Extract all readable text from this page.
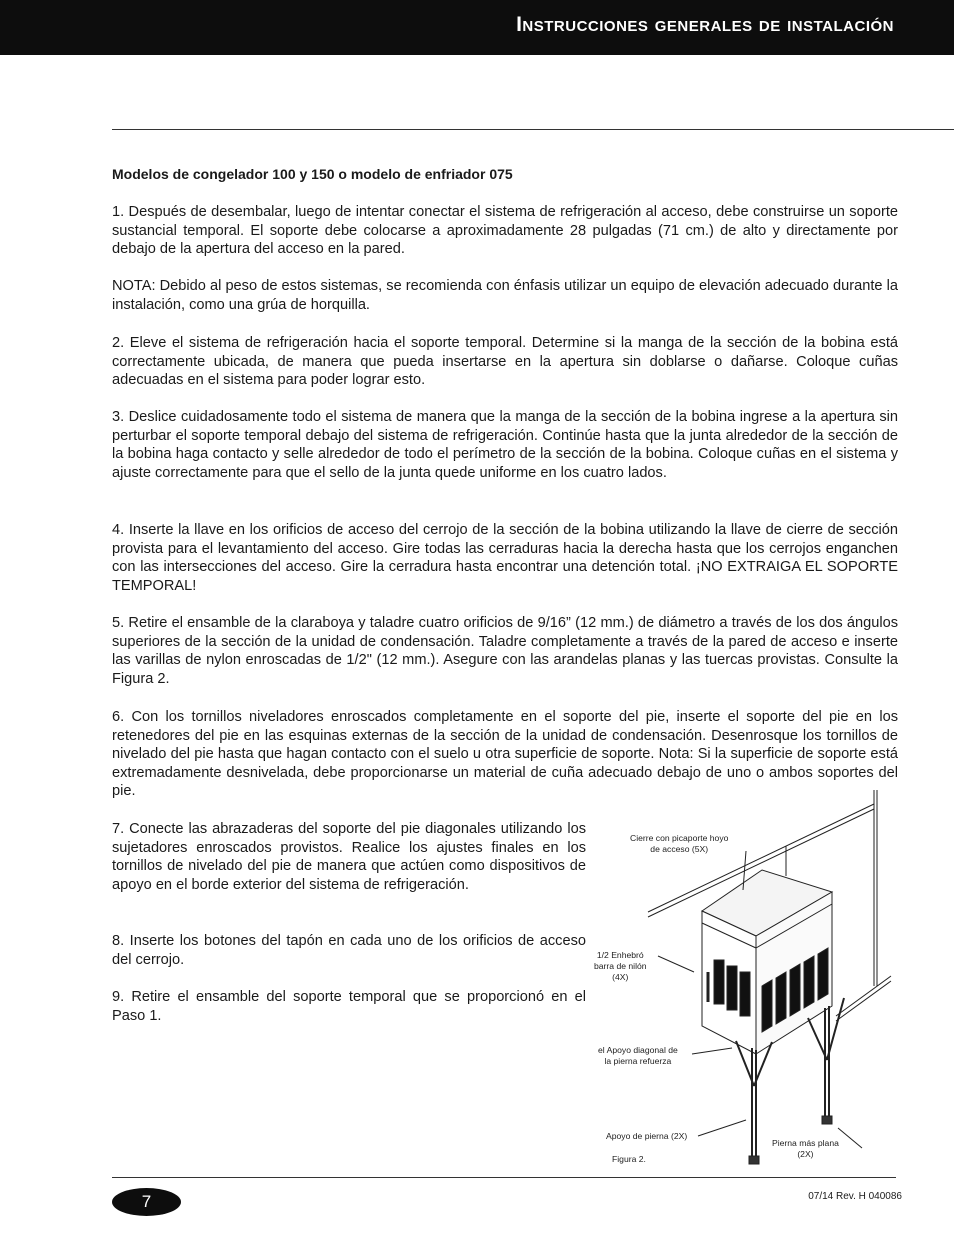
Instrucciones generales de instalación
Modelos de congelador 100 y 150 o modelo de enfriador 075

1. Después de desembalar, luego de intentar conectar el sistema de refrigeración al acceso, debe construirse un soporte sustancial temporal. El soporte debe colocarse a aproximadamente 28 pulgadas (71 cm.) de alto y directamente por debajo de la apertura del acceso en la pared.

NOTA: Debido al peso de estos sistemas, se recomienda con énfasis utilizar un equipo de elevación adecuado durante la instalación, como una grúa de horquilla.

2. Eleve el sistema de refrigeración hacia el soporte temporal. Determine si la manga de la sección de la bobina está correctamente ubicada, de manera que pueda insertarse en la apertura sin doblarse o dañarse. Coloque cuñas adecuadas en el sistema para poder lograr esto.

3. Deslice cuidadosamente todo el sistema de manera que la manga de la sección de la bobina ingrese a la apertura sin perturbar el soporte temporal debajo del sistema de refrigeración. Continúe hasta que la junta alrededor de la sección de la bobina haga contacto y selle alrededor de todo el perímetro de la sección de la bobina. Coloque cuñas en el sistema y ajuste correctamente para que el sello de la junta quede uniforme en los cuatro lados.

4. Inserte la llave en los orificios de acceso del cerrojo de la sección de la bobina utilizando la llave de cierre de sección provista para el levantamiento del acceso. Gire todas las cerraduras hacia la derecha hasta que los cerrojos enganchen con las intersecciones del acceso. Gire la cerradura hasta encontrar una detención total. ¡NO EXTRAIGA EL SOPORTE TEMPORAL!

5. Retire el ensamble de la claraboya y taladre cuatro orificios de 9/16” (12 mm.) de diámetro a través de los dos ángulos superiores de la sección de la unidad de condensación. Taladre completamente a través de la pared de acceso e inserte las varillas de nylon enroscadas de 1/2" (12 mm.). Asegure con las arandelas planas y las tuercas provistas. Consulte la Figura 2.

6. Con los tornillos niveladores enroscados completamente en el soporte del pie, inserte el soporte del pie en los retenedores del pie en las esquinas externas de la sección de la unidad de condensación. Desenrosque los tornillos de nivelado del pie hasta que hagan contacto con el suelo u otra superficie de soporte. Nota: Si la superficie de soporte está extremadamente desnivelada, debe proporcionarse un material de cuña adecuado debajo de uno o ambos soportes del pie.

7. Conecte las abrazaderas del soporte del pie diagonales utilizando los sujetadores enroscados provistos. Realice los ajustes finales en los tornillos de nivelado del pie de manera que actúen como dispositivos de apoyo en el borde exterior del sistema de refrigeración.

8. Inserte los botones del tapón en cada uno de los orificios de acceso del cerrojo.

9. Retire el ensamble del soporte temporal que se proporcionó en el Paso 1.

Cierre con picaporte hoyo
de acceso (5X)
1/2 Enhebró
barra de nilón
(4X)
el Apoyo diagonal de
la pierna refuerza
Apoyo de pierna (2X)
Pierna más plana
(2X)
Figura 2.
7	07/14 Rev. H 040086
